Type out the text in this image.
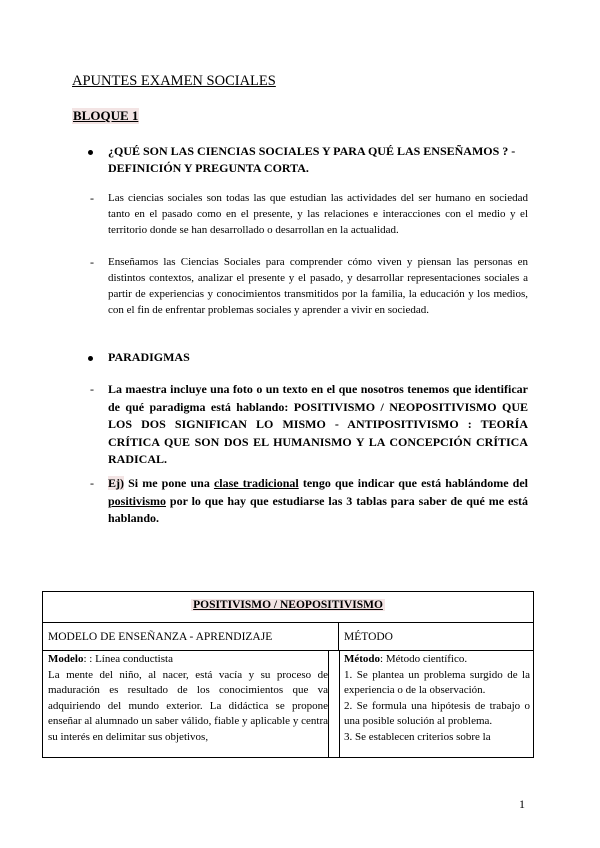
APUNTES EXAMEN SOCIALES
BLOQUE 1
¿QUÉ SON LAS CIENCIAS SOCIALES Y PARA QUÉ LAS ENSEÑAMOS ? - DEFINICIÓN Y PREGUNTA CORTA.
- Las ciencias sociales son todas las que estudian las actividades del ser humano en sociedad tanto en el pasado como en el presente, y las relaciones e interacciones con el medio y el territorio donde se han desarrollado o desarrollan en la actualidad.
- Enseñamos las Ciencias Sociales para comprender cómo viven y piensan las personas en distintos contextos, analizar el presente y el pasado, y desarrollar representaciones sociales a partir de experiencias y conocimientos transmitidos por la familia, la educación y los medios, con el fin de enfrentar problemas sociales y aprender a vivir en sociedad.
PARADIGMAS
- La maestra incluye una foto o un texto en el que nosotros tenemos que identificar de qué paradigma está hablando: POSITIVISMO / NEOPOSITIVISMO QUE LOS DOS SIGNIFICAN LO MISMO - ANTIPOSITIVISMO : TEORÍA CRÍTICA QUE SON DOS EL HUMANISMO Y LA CONCEPCIÓN CRÍTICA RADICAL.
- Ej) Si me pone una clase tradicional tengo que indicar que está hablándome del positivismo por lo que hay que estudiarse las 3 tablas para saber de qué me está hablando.
POSITIVISMO / NEOPOSITIVISMO
MODELO DE ENSEÑANZA - APRENDIZAJE	MÉTODO
Modelo: : Línea conductista
La mente del niño, al nacer, está vacía y su proceso de maduración es resultado de los conocimientos que va adquiriendo del mundo exterior. La didáctica se propone enseñar al alumnado un saber válido, fiable y aplicable y centra su interés en delimitar sus objetivos,
Método: Método científico.
1. Se plantea un problema surgido de la experiencia o de la observación.
2. Se formula una hipótesis de trabajo o una posible solución al problema.
3. Se establecen criterios sobre la
1
